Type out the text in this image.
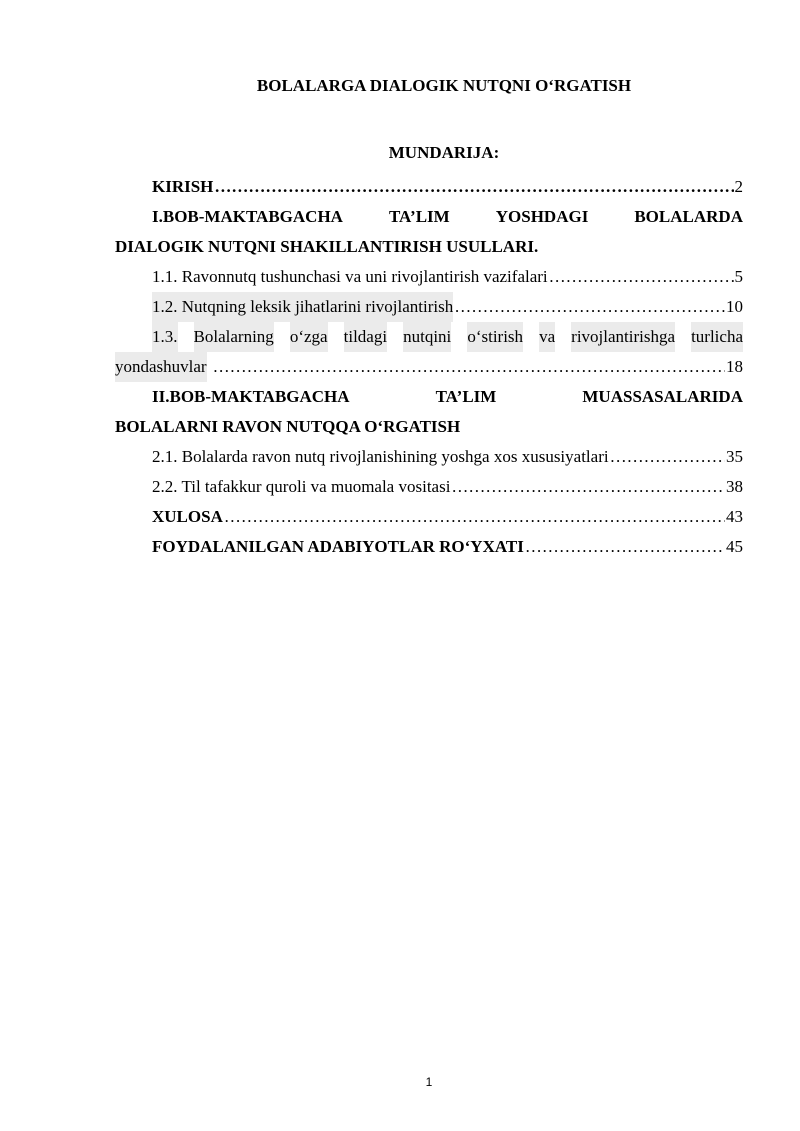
BOLALARGA DIALOGIK NUTQNI O‘RGATISH
MUNDARIJA:
KIRISH ………………………………………………………………………………………………………………………………………………………………………………………	2
I.BOB-MAKTABGACHA	TA’LIM	YOSHDAGI	BOLALARDA
DIALOGIK NUTQNI SHAKILLANTIRISH USULLARI.
1.1. Ravonnutq tushunchasi va uni rivojlantirish vazifalari ………………………………………………………………………………………………………………………………………………………………………………………	5
1.2. Nutqning leksik jihatlarini rivojlantirish ………………………………………………………………………………………………………………………………………………………………………………………	10
1.3. Bolalarning o‘zga tildagi nutqini o‘stirish va rivojlantirishga turlicha
yondashuvlar ………………………………………………………………………………………………………………………………………………………………………………………	18
II.BOB-MAKTABGACHA	TA’LIM	MUASSASALARIDA
BOLALARNI RAVON NUTQQA O‘RGATISH
2.1. Bolalarda ravon nutq rivojlanishining yoshga xos xususiyatlari ………………………………………………………………………………………………………………………………………………………………………………………	35
2.2. Til tafakkur quroli va muomala vositasi ………………………………………………………………………………………………………………………………………………………………………………………	38
XULOSA ………………………………………………………………………………………………………………………………………………………………………………………	43
FOYDALANILGAN ADABIYOTLAR RO‘YXATI ………………………………………………………………………………………………………………………………………………………………………………………	45
1
